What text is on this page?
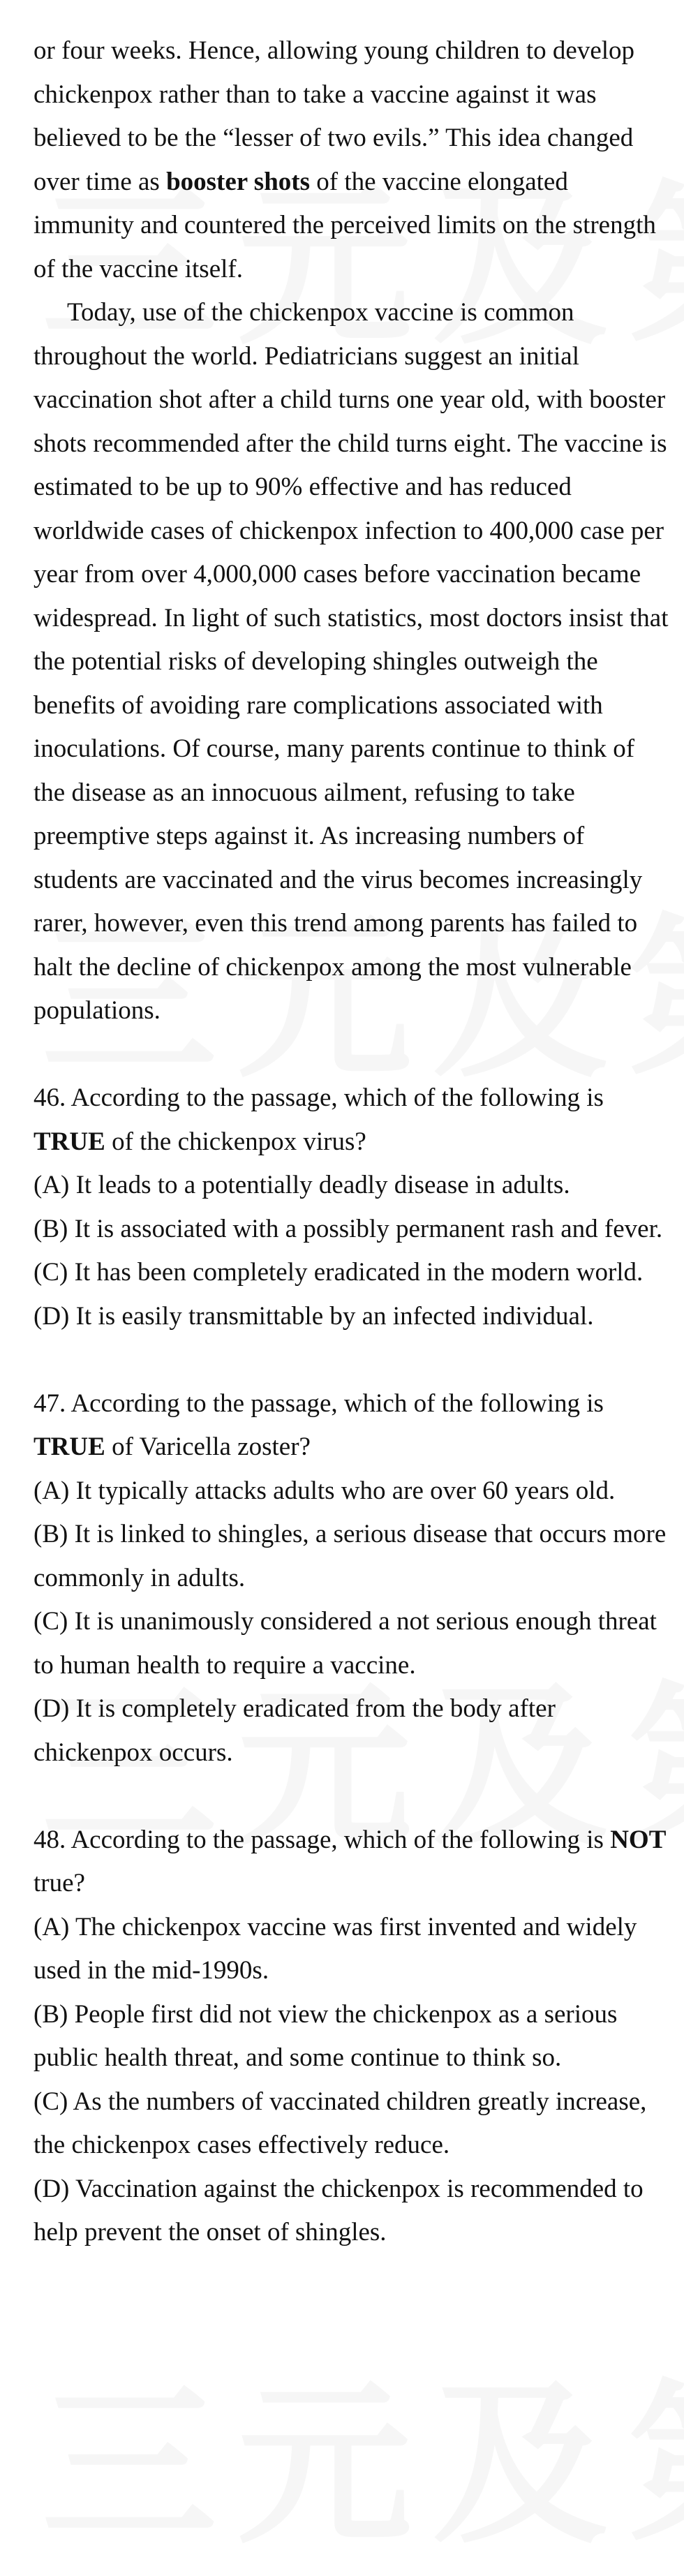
or four weeks. Hence, allowing young children to develop chickenpox rather than to take a vaccine against it was believed to be the “lesser of two evils.” This idea changed over time as booster shots of the vaccine elongated immunity and countered the perceived limits on the strength of the vaccine itself.

Today, use of the chickenpox vaccine is common throughout the world. Pediatricians suggest an initial vaccination shot after a child turns one year old, with booster shots recommended after the child turns eight. The vaccine is estimated to be up to 90% effective and has reduced worldwide cases of chickenpox infection to 400,000 case per year from over 4,000,000 cases before vaccination became widespread. In light of such statistics, most doctors insist that the potential risks of developing shingles outweigh the benefits of avoiding rare complications associated with inoculations. Of course, many parents continue to think of the disease as an innocuous ailment, refusing to take preemptive steps against it. As increasing numbers of students are vaccinated and the virus becomes increasingly rarer, however, even this trend among parents has failed to halt the decline of chickenpox among the most vulnerable populations.

46. According to the passage, which of the following is TRUE of the chickenpox virus?

(A) It leads to a potentially deadly disease in adults.

(B) It is associated with a possibly permanent rash and fever.

(C) It has been completely eradicated in the modern world.

(D) It is easily transmittable by an infected individual.

47. According to the passage, which of the following is TRUE of Varicella zoster?

(A) It typically attacks adults who are over 60 years old.

(B) It is linked to shingles, a serious disease that occurs more commonly in adults.

(C) It is unanimously considered a not serious enough threat to human health to require a vaccine.

(D) It is completely eradicated from the body after chickenpox occurs.

48. According to the passage, which of the following is NOT true?

(A) The chickenpox vaccine was first invented and widely used in the mid-1990s.

(B) People first did not view the chickenpox as a serious public health threat, and some continue to think so.

(C) As the numbers of vaccinated children greatly increase, the chickenpox cases effectively reduce.

(D) Vaccination against the chickenpox is recommended to help prevent the onset of shingles.
